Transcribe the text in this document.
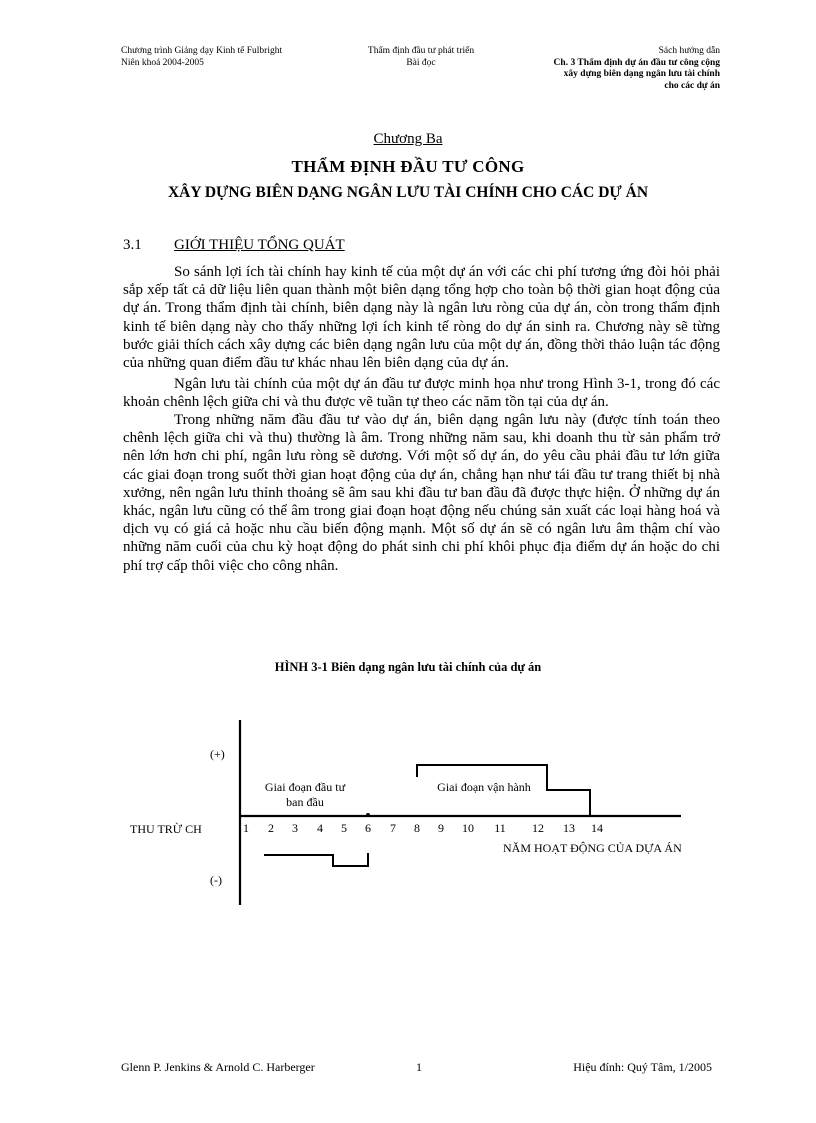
Chương trình Giảng dạy Kinh tế Fulbright
Niên khoá 2004-2005
Thẩm định đầu tư phát triển
Bài đọc
Sách hướng dẫn
Ch. 3 Thẩm định dự án đầu tư công cộng
xây dựng biên dạng ngân lưu tài chính
cho các dự án
Chương Ba
THẨM ĐỊNH ĐẦU TƯ CÔNG
XÂY DỰNG BIÊN DẠNG NGÂN LƯU TÀI CHÍNH CHO CÁC DỰ ÁN
3.1 GIỚI THIỆU TỔNG QUÁT

So sánh lợi ích tài chính hay kinh tế của một dự án với các chi phí tương ứng đòi hỏi phải sắp xếp tất cả dữ liệu liên quan thành một biên dạng tổng hợp cho toàn bộ thời gian hoạt động của dự án. Trong thẩm định tài chính, biên dạng này là ngân lưu ròng của dự án, còn trong thẩm định kinh tế biên dạng này cho thấy những lợi ích kinh tế ròng do dự án sinh ra. Chương này sẽ từng bước giải thích cách xây dựng các biên dạng ngân lưu của một dự án, đồng thời thảo luận tác động của những quan điểm đầu tư khác nhau lên biên dạng của dự án.

Ngân lưu tài chính của một dự án đầu tư được minh họa như trong Hình 3-1, trong đó các khoản chênh lệch giữa chi và thu được vẽ tuần tự theo các năm tồn tại của dự án.

Trong những năm đầu đầu tư vào dự án, biên dạng ngân lưu này (được tính toán theo chênh lệch giữa chi và thu) thường là âm. Trong những năm sau, khi doanh thu từ sản phẩm trở nên lớn hơn chi phí, ngân lưu ròng sẽ dương. Với một số dự án, do yêu cầu phải đầu tư lớn giữa các giai đoạn trong suốt thời gian hoạt động của dự án, chẳng hạn như tái đầu tư trang thiết bị nhà xưởng, nên ngân lưu thỉnh thoảng sẽ âm sau khi đầu tư ban đầu đã được thực hiện. Ở những dự án khác, ngân lưu cũng có thể âm trong giai đoạn hoạt động nếu chúng sản xuất các loại hàng hoá và dịch vụ có giá cả hoặc nhu cầu biến động mạnh. Một số dự án sẽ có ngân lưu âm thậm chí vào những năm cuối của chu kỳ hoạt động do phát sinh chi phí khôi phục địa điểm dự án hoặc do chi phí trợ cấp thôi việc cho công nhân.

HÌNH 3-1 Biên dạng ngân lưu tài chính của dự án
(+)
(-)
THU TRỪ CH
NĂM HOẠT ĐỘNG CỦA DỰA ÁN
Giai đoạn đầu tư
ban đầu
Giai đoạn vận hành
1 2 3 4 5 6 7 8 9 10 11 12 13 14
Glenn P. Jenkins & Arnold C. Harberger	1	Hiệu đính: Quý Tâm, 1/2005
